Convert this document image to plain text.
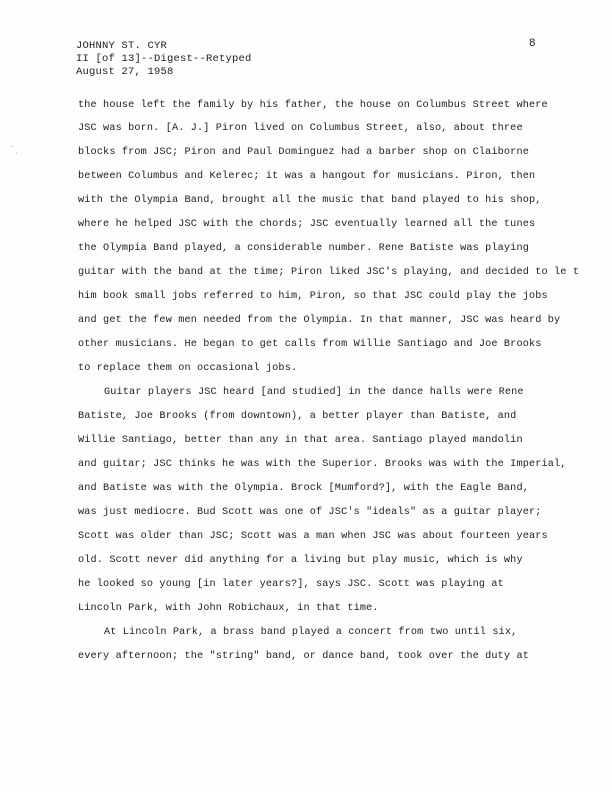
JOHNNY ST. CYR
II [of 13]--Digest--Retyped
August 27, 1958
8
·
·
the house left the family by his father, the house on Columbus Street where
JSC was born. [A. J.] Piron lived on Columbus Street, also, about three
blocks from JSC; Piron and Paul Dominguez had a barber shop on Claiborne
between Columbus and Kelerec; it was a hangout for musicians. Piron, then
with the Olympia Band, brought all the music that band played to his shop,
where he helped JSC with the chords; JSC eventually learned all the tunes
the Olympia Band played, a considerable number. Rene Batiste was playing
guitar with the band at the time; Piron liked JSC's playing, and decided to le t
him book small jobs referred to him, Piron, so that JSC could play the jobs
and get the few men needed from the Olympia. In that manner, JSC was heard by
other musicians. He began to get calls from Willie Santiago and Joe Brooks
to replace them on occasional jobs.
Guitar players JSC heard [and studied] in the dance halls were Rene
Batiste, Joe Brooks (from downtown), a better player than Batiste, and
Willie Santiago, better than any in that area. Santiago played mandolin
and guitar; JSC thinks he was with the Superior. Brooks was with the Imperial,
and Batiste was with the Olympia. Brock [Mumford?], with the Eagle Band,
was just mediocre. Bud Scott was one of JSC's "ideals" as a guitar player;
Scott was older than JSC; Scott was a man when JSC was about fourteen years
old. Scott never did anything for a living but play music, which is why
he looked so young [in later years?], says JSC. Scott was playing at
Lincoln Park, with John Robichaux, in that time.
At Lincoln Park, a brass band played a concert from two until six,
every afternoon; the "string" band, or dance band, took over the duty at
